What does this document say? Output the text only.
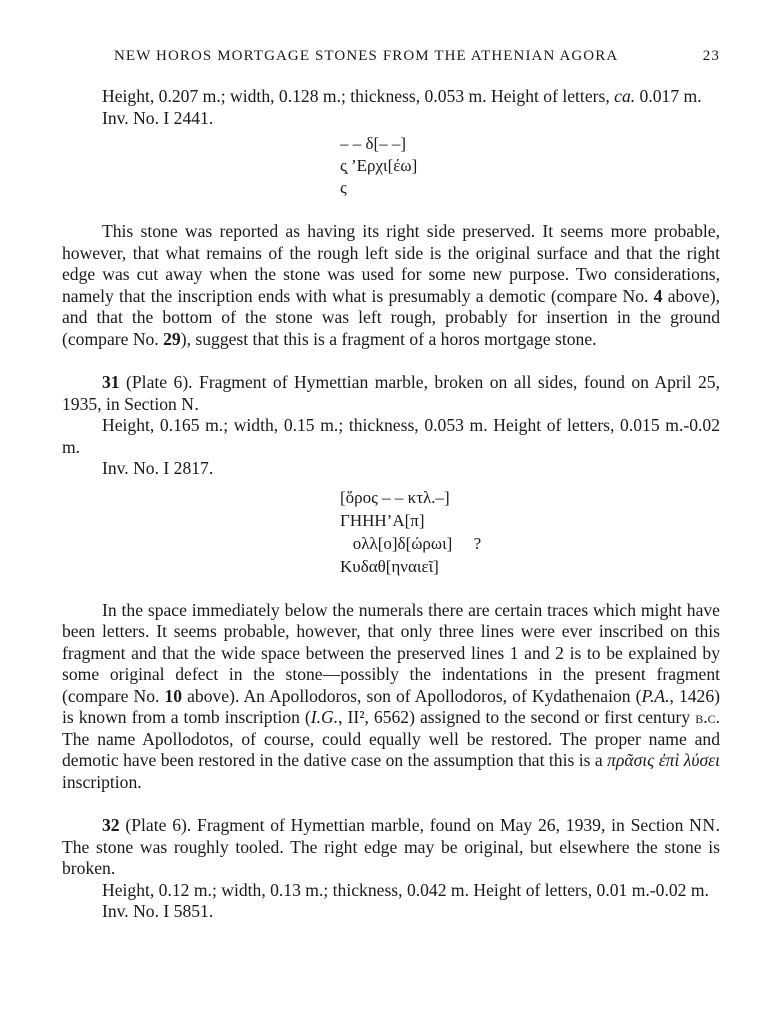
NEW HOROS MORTGAGE STONES FROM THE ATHENIAN AGORA	23

Height, 0.207 m.; width, 0.128 m.; thickness, 0.053 m. Height of letters, ca. 0.017 m.

Inv. No. I 2441.

– – δ[– –]
ς̣ ’Ερχι[έω]
ς

This stone was reported as having its right side preserved. It seems more probable, however, that what remains of the rough left side is the original surface and that the right edge was cut away when the stone was used for some new purpose. Two considerations, namely that the inscription ends with what is presumably a demotic (compare No. 4 above), and that the bottom of the stone was left rough, probably for insertion in the ground (compare No. 29), suggest that this is a fragment of a horos mortgage stone.

31 (Plate 6). Fragment of Hymettian marble, broken on all sides, found on April 25, 1935, in Section N.

Height, 0.165 m.; width, 0.15 m.; thickness, 0.053 m. Height of letters, 0.015 m.-0.02 m.

Inv. No. I 2817.

[ὅρος – – κτλ.–]
ΓΗΗΗ’Α[π]
ολλ[ο]δ[ώρωι]     ?
Κυδαθ[ηναιεῖ]

In the space immediately below the numerals there are certain traces which might have been letters. It seems probable, however, that only three lines were ever inscribed on this fragment and that the wide space between the preserved lines 1 and 2 is to be explained by some original defect in the stone—possibly the indentations in the present fragment (compare No. 10 above). An Apollodoros, son of Apollodoros, of Kydathenaion (P.A., 1426) is known from a tomb inscription (I.G., II², 6562) assigned to the second or first century b.c. The name Apollodotos, of course, could equally well be restored. The proper name and demotic have been restored in the dative case on the assumption that this is a πρᾶσις ἐπὶ λύσει inscription.

32 (Plate 6). Fragment of Hymettian marble, found on May 26, 1939, in Section NN. The stone was roughly tooled. The right edge may be original, but elsewhere the stone is broken.

Height, 0.12 m.; width, 0.13 m.; thickness, 0.042 m. Height of letters, 0.01 m.-0.02 m.

Inv. No. I 5851.
